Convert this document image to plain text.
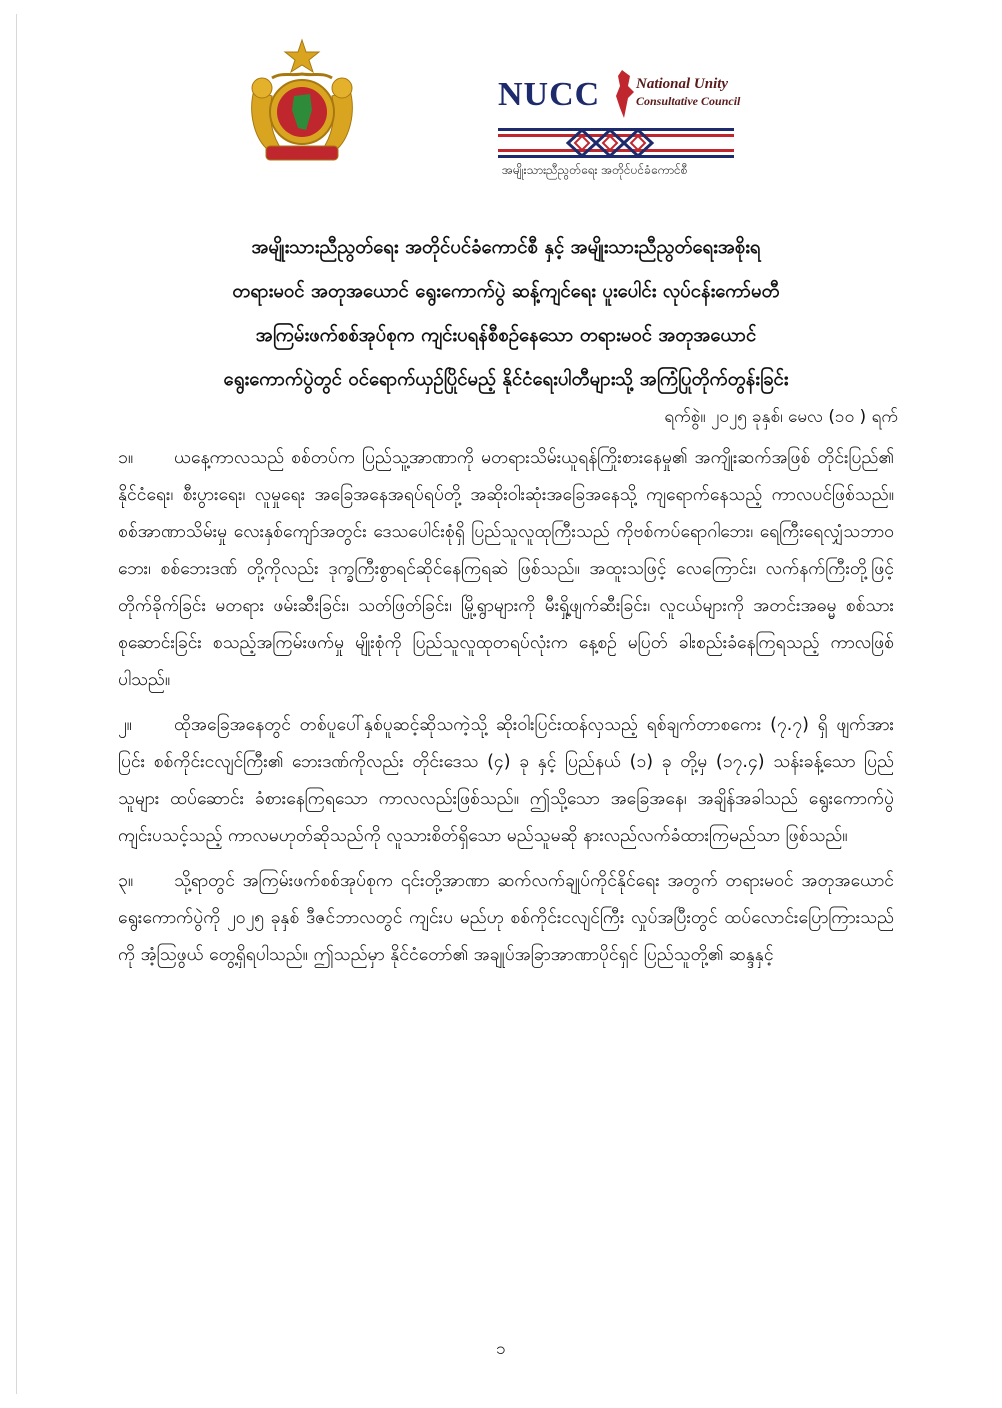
NUCC National Unity
Consultative Council
အမျိုးသားညီညွတ်ရေး အတိုင်ပင်ခံကောင်စီ
အမျိုးသားညီညွတ်ရေး အတိုင်ပင်ခံကောင်စီ နှင့် အမျိုးသားညီညွတ်ရေးအစိုးရ
တရားမဝင် အတုအယောင် ရွေးကောက်ပွဲ ဆန့်ကျင်ရေး ပူးပေါင်း လုပ်ငန်းကော်မတီ
အကြမ်းဖက်စစ်အုပ်စုက ကျင်းပရန်စီစဉ်နေသော တရားမဝင် အတုအယောင်
ရွေးကောက်ပွဲတွင် ဝင်ရောက်ယှဉ်ပြိုင်မည့် နိုင်ငံရေးပါတီများသို့ အကြံပြုတိုက်တွန်းခြင်း
ရက်စွဲ။ ၂၀၂၅ ခုနှစ်၊ မေလ (၁၀ ) ရက်
၁။ ယနေ့ကာလသည် စစ်တပ်က ပြည်သူ့အာဏာကို မတရားသိမ်းယူရန်ကြိုးစားနေမှု၏ အကျိုးဆက်အဖြစ် တိုင်းပြည်၏ နိုင်ငံရေး၊ စီးပွားရေး၊ လူမှုရေး အခြေအနေအရပ်ရပ်တို့ အဆိုးဝါးဆုံးအခြေအနေသို့ ကျရောက်နေသည့် ကာလပင်ဖြစ်သည်။ စစ်အာဏာသိမ်းမှု လေးနှစ်ကျော်အတွင်း ဒေသပေါင်းစုံရှိ ပြည်သူလူထုကြီးသည် ကိုဗစ်ကပ်ရောဂါဘေး၊ ရေကြီးရေလျှံသဘာဝဘေး၊ စစ်ဘေးဒဏ် တို့ကိုလည်း ဒုက္ခကြီးစွာရင်ဆိုင်နေကြရဆဲ ဖြစ်သည်။ အထူးသဖြင့် လေကြောင်း၊ လက်နက်ကြီးတို့ဖြင့် တိုက်ခိုက်ခြင်း မတရား ဖမ်းဆီးခြင်း၊ သတ်ဖြတ်ခြင်း၊ မြို့ရွာများကို မီးရှို့ဖျက်ဆီးခြင်း၊ လူငယ်များကို အတင်းအဓမ္မ စစ်သားစုဆောင်းခြင်း စသည့်အကြမ်းဖက်မှု မျိုးစုံကို ပြည်သူလူထုတရပ်လုံးက နေ့စဉ် မပြတ် ခါးစည်းခံနေကြရသည့် ကာလဖြစ်ပါသည်။
၂။ ထိုအခြေအနေတွင် တစ်ပူပေါ်နှစ်ပူဆင့်ဆိုသကဲ့သို့ ဆိုးဝါးပြင်းထန်လှသည့် ရစ်ချက်တာစကေး (၇.၇) ရှိ ဖျက်အားပြင်း စစ်ကိုင်းငလျင်ကြီး၏ ဘေးဒဏ်ကိုလည်း တိုင်းဒေသ (၄) ခု နှင့် ပြည်နယ် (၁) ခု တို့မှ (၁၇.၄) သန်းခန့်သော ပြည်သူများ ထပ်ဆောင်း ခံစားနေကြရသော ကာလလည်းဖြစ်သည်။ ဤသို့သော အခြေအနေ၊ အချိန်အခါသည် ရွေးကောက်ပွဲ ကျင်းပသင့်သည့် ကာလမဟုတ်ဆိုသည်ကို လူသားစိတ်ရှိသော မည်သူမဆို နားလည်လက်ခံထားကြမည်သာ ဖြစ်သည်။
၃။ သို့ရာတွင် အကြမ်းဖက်စစ်အုပ်စုက ၎င်းတို့အာဏာ ဆက်လက်ချုပ်ကိုင်နိုင်ရေး အတွက် တရားမဝင် အတုအယောင်ရွေးကောက်ပွဲကို ၂၀၂၅ ခုနှစ် ဒီဇင်ဘာလတွင် ကျင်းပ မည်ဟု စစ်ကိုင်းငလျင်ကြီး လှုပ်အပြီးတွင် ထပ်လောင်းပြောကြားသည်ကို အံ့သြဖွယ် တွေ့ရှိရပါသည်။ ဤသည်မှာ နိုင်ငံတော်၏ အချုပ်အခြာအာဏာပိုင်ရှင် ပြည်သူတို့၏ ဆန္ဒနှင့်
၁
